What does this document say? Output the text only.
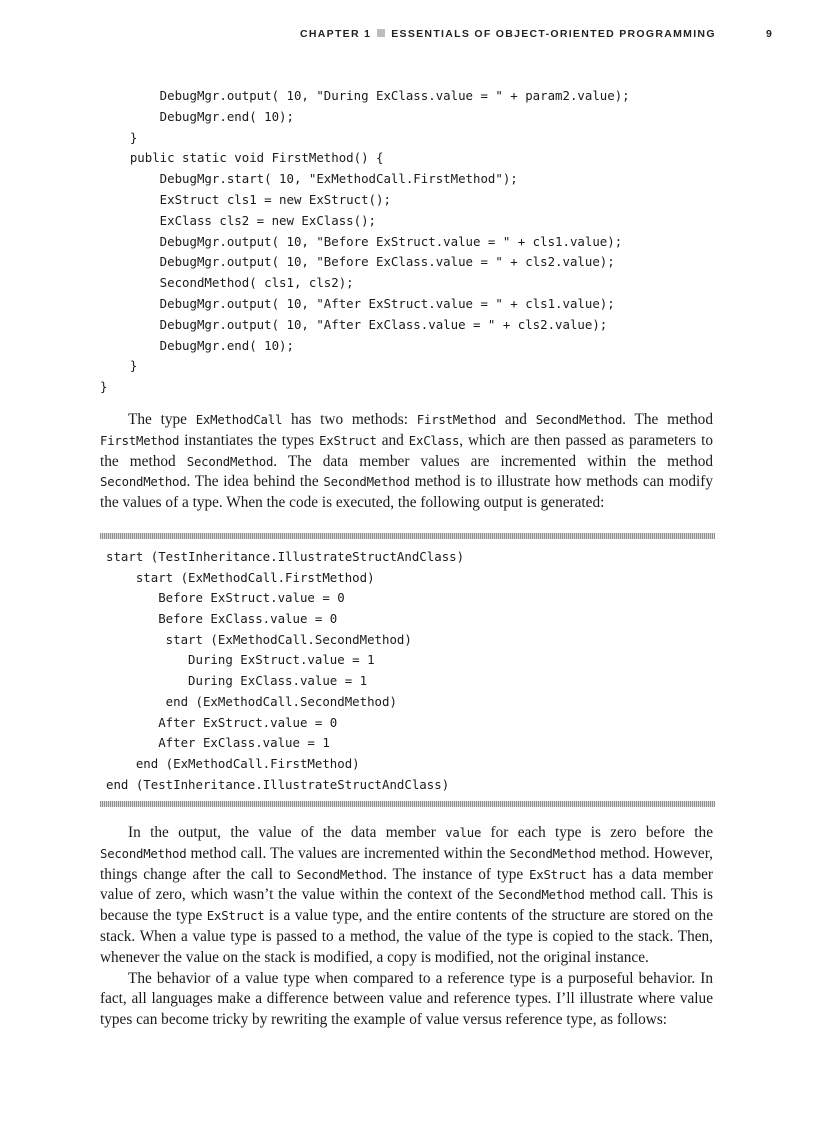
CHAPTER 1 ESSENTIALS OF OBJECT-ORIENTED PROGRAMMING	9
DebugMgr.output( 10, "During ExClass.value = " + param2.value);
DebugMgr.end( 10);
}
public static void FirstMethod() {
DebugMgr.start( 10, "ExMethodCall.FirstMethod");
ExStruct cls1 = new ExStruct();
ExClass cls2 = new ExClass();
DebugMgr.output( 10, "Before ExStruct.value = " + cls1.value);
DebugMgr.output( 10, "Before ExClass.value = " + cls2.value);
SecondMethod( cls1, cls2);
DebugMgr.output( 10, "After ExStruct.value = " + cls1.value);
DebugMgr.output( 10, "After ExClass.value = " + cls2.value);
DebugMgr.end( 10);
}
}

The type ExMethodCall has two methods: FirstMethod and SecondMethod. The method FirstMethod instantiates the types ExStruct and ExClass, which are then passed as parameters to the method SecondMethod. The data member values are incremented within the method SecondMethod. The idea behind the SecondMethod method is to illustrate how methods can modify the values of a type. When the code is executed, the following output is generated:

start (TestInheritance.IllustrateStructAndClass)
start (ExMethodCall.FirstMethod)
Before ExStruct.value = 0
Before ExClass.value = 0
start (ExMethodCall.SecondMethod)
During ExStruct.value = 1
During ExClass.value = 1
end (ExMethodCall.SecondMethod)
After ExStruct.value = 0
After ExClass.value = 1
end (ExMethodCall.FirstMethod)
end (TestInheritance.IllustrateStructAndClass)

In the output, the value of the data member value for each type is zero before the SecondMethod method call. The values are incremented within the SecondMethod method. However, things change after the call to SecondMethod. The instance of type ExStruct has a data member value of zero, which wasn’t the value within the context of the SecondMethod method call. This is because the type ExStruct is a value type, and the entire contents of the structure are stored on the stack. When a value type is passed to a method, the value of the type is copied to the stack. Then, whenever the value on the stack is modified, a copy is modified, not the original instance.

The behavior of a value type when compared to a reference type is a purposeful behavior. In fact, all languages make a difference between value and reference types. I’ll illustrate where value types can become tricky by rewriting the example of value versus reference type, as follows:
